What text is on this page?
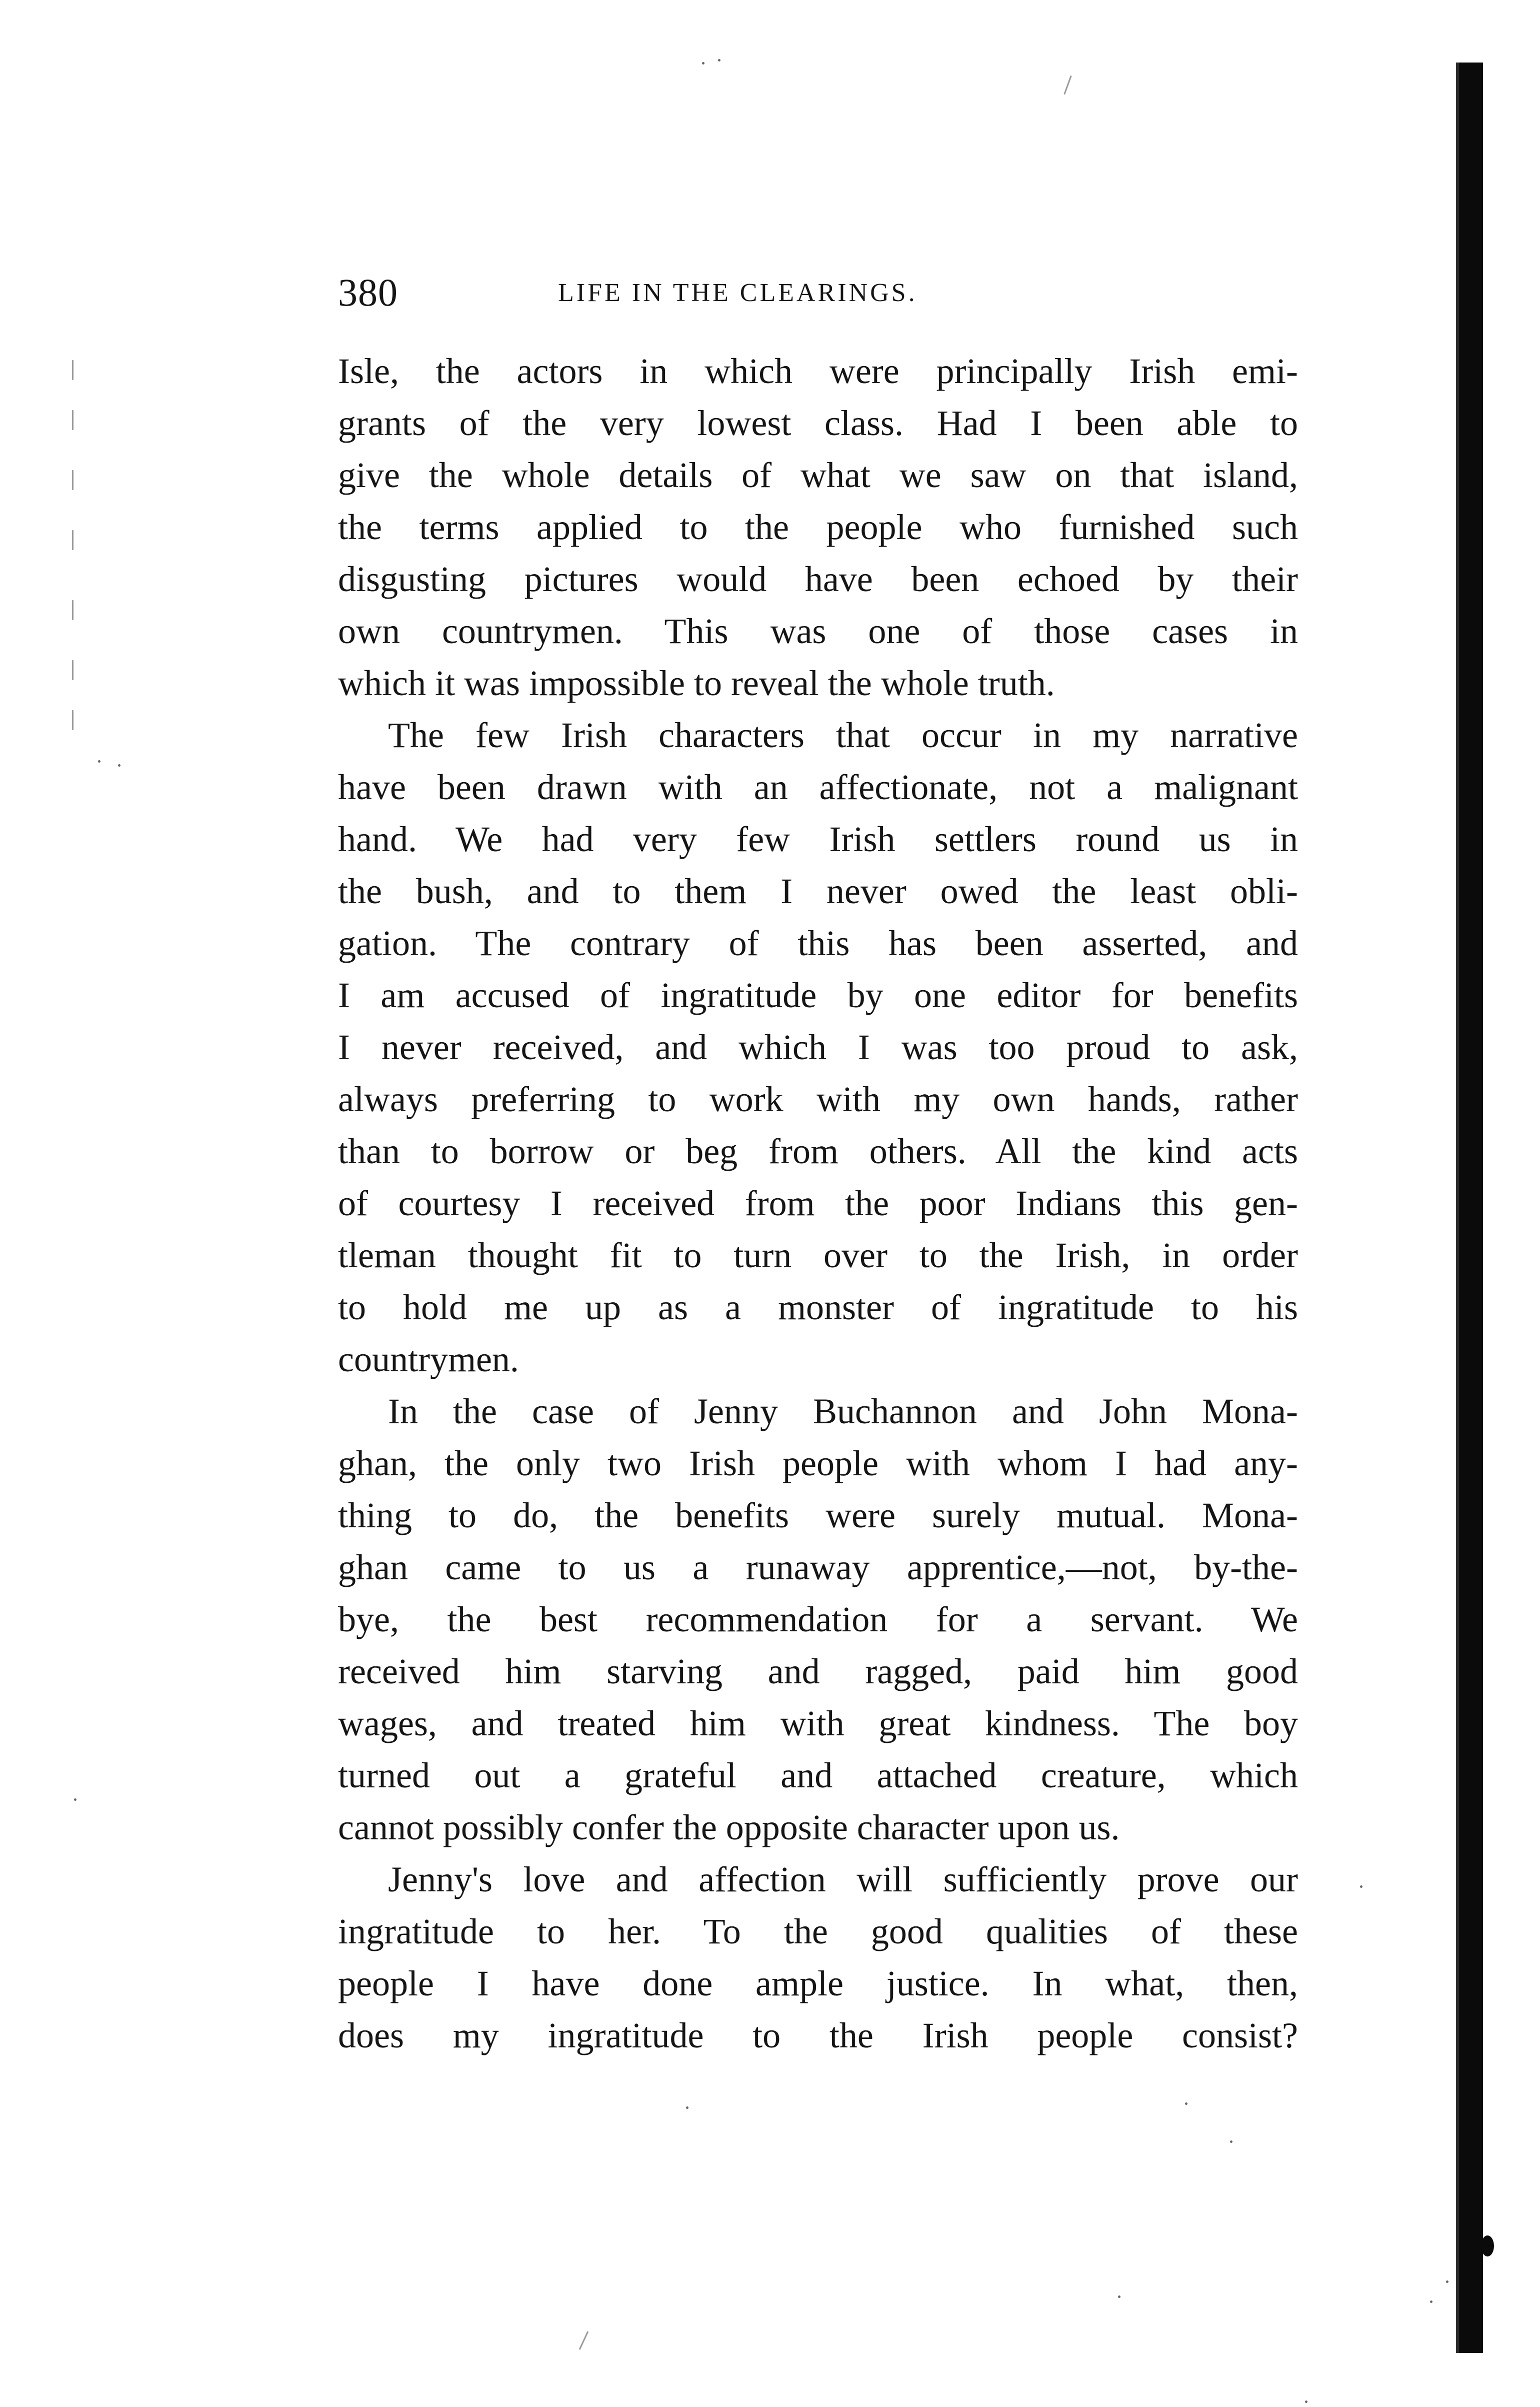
380	LIFE IN THE CLEARINGS.

Isle, the actors in which were principally Irish emi-
grants of the very lowest class. Had I been able to
give the whole details of what we saw on that island,
the terms applied to the people who furnished such
disgusting pictures would have been echoed by their
own countrymen. This was one of those cases in
which it was impossible to reveal the whole truth.

The few Irish characters that occur in my narrative
have been drawn with an affectionate, not a malignant
hand. We had very few Irish settlers round us in
the bush, and to them I never owed the least obli-
gation. The contrary of this has been asserted, and
I am accused of ingratitude by one editor for benefits
I never received, and which I was too proud to ask,
always preferring to work with my own hands, rather
than to borrow or beg from others. All the kind acts
of courtesy I received from the poor Indians this gen-
tleman thought fit to turn over to the Irish, in order
to hold me up as a monster of ingratitude to his
countrymen.

In the case of Jenny Buchannon and John Mona-
ghan, the only two Irish people with whom I had any-
thing to do, the benefits were surely mutual. Mona-
ghan came to us a runaway apprentice,—not, by-the-
bye, the best recommendation for a servant. We
received him starving and ragged, paid him good
wages, and treated him with great kindness. The boy
turned out a grateful and attached creature, which
cannot possibly confer the opposite character upon us.

Jenny's love and affection will sufficiently prove our
ingratitude to her. To the good qualities of these
people I have done ample justice. In what, then,
does my ingratitude to the Irish people consist?
